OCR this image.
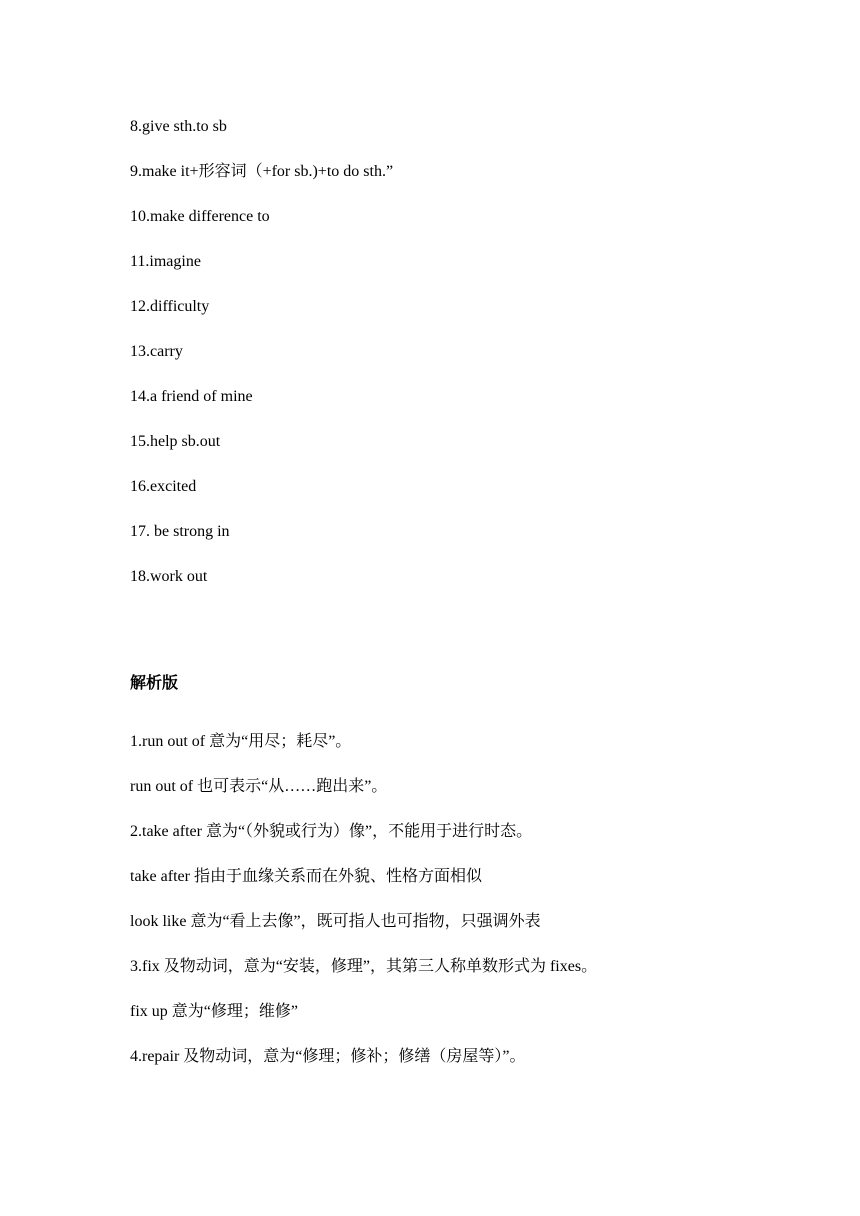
8.give sth.to sb
9.make it+形容词（+for sb.)+to do sth.”
10.make difference to
11.imagine
12.difficulty
13.carry
14.a friend of mine
15.help sb.out
16.excited
17. be strong in
18.work out
解析版
1.run out of 意为“用尽；耗尽”。
run out of 也可表示“从……跑出来”。
2.take after 意为“（外貌或行为）像”，不能用于进行时态。
take after 指由于血缘关系而在外貌、性格方面相似
look like 意为“看上去像”，既可指人也可指物，只强调外表
3.fix 及物动词，意为“安装，修理”，其第三人称单数形式为 fixes。
fix up 意为“修理；维修”
4.repair 及物动词，意为“修理；修补；修缮（房屋等）”。
